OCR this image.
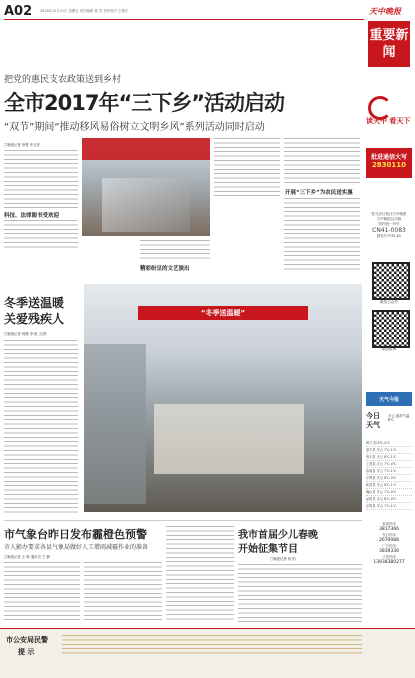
A02 2018年12月21日 星期五 责任编辑 翁 雪 责任校对 王慧宏	天中晚报
重要新闻
把党的惠民支农政策送到乡村
全市2017年“三下乡”活动启动
“双节”期间“推动移风易俗树立文明乡风”系列活动同时启动
读天中 看天下
□晚报记者 徐慧 孝玉菲
科技、法律图书受欢迎
精彩纷呈的文艺演出
开展“三下乡”为农民送实惠
批进通信大写
2830110
驻马店日报社天中晚报
天中晚报社出版
国内统一刊号
CN41-0083
邮发代号35-62
微信公众号
新浪微博
天气今报
今日天气
多云 最高气温 8℃
明天 阴 6℃-0℃
遂平县 多云 7℃-1℃
西平县 多云 8℃-1℃
上蔡县 多云 7℃-0℃
汝南县 多云 7℃-1℃
平舆县 多云 8℃-0℃
新蔡县 多云 8℃-1℃
确山县 多云 7℃-0℃
泌阳县 多云 6℃-0℃
正阳县 多云 7℃-1℃
新闻热线
3817366
发行热线
2670088
广告热线
3839330
订报热线
13938380277
冬季送温暖
关爱残疾人
□晚报记者 郭俊 李 帆 文/图
“冬季送温暖”
市气象台昨日发布霾橙色预警
市人影办要求各县气象局做好人工增雨减霾作业的准备
□晚报记者 王 琪 通讯员 王 静
我市首届少儿春晚
开始征集节目
□晚报记者 杨 阳
市公安局民警
提 示
